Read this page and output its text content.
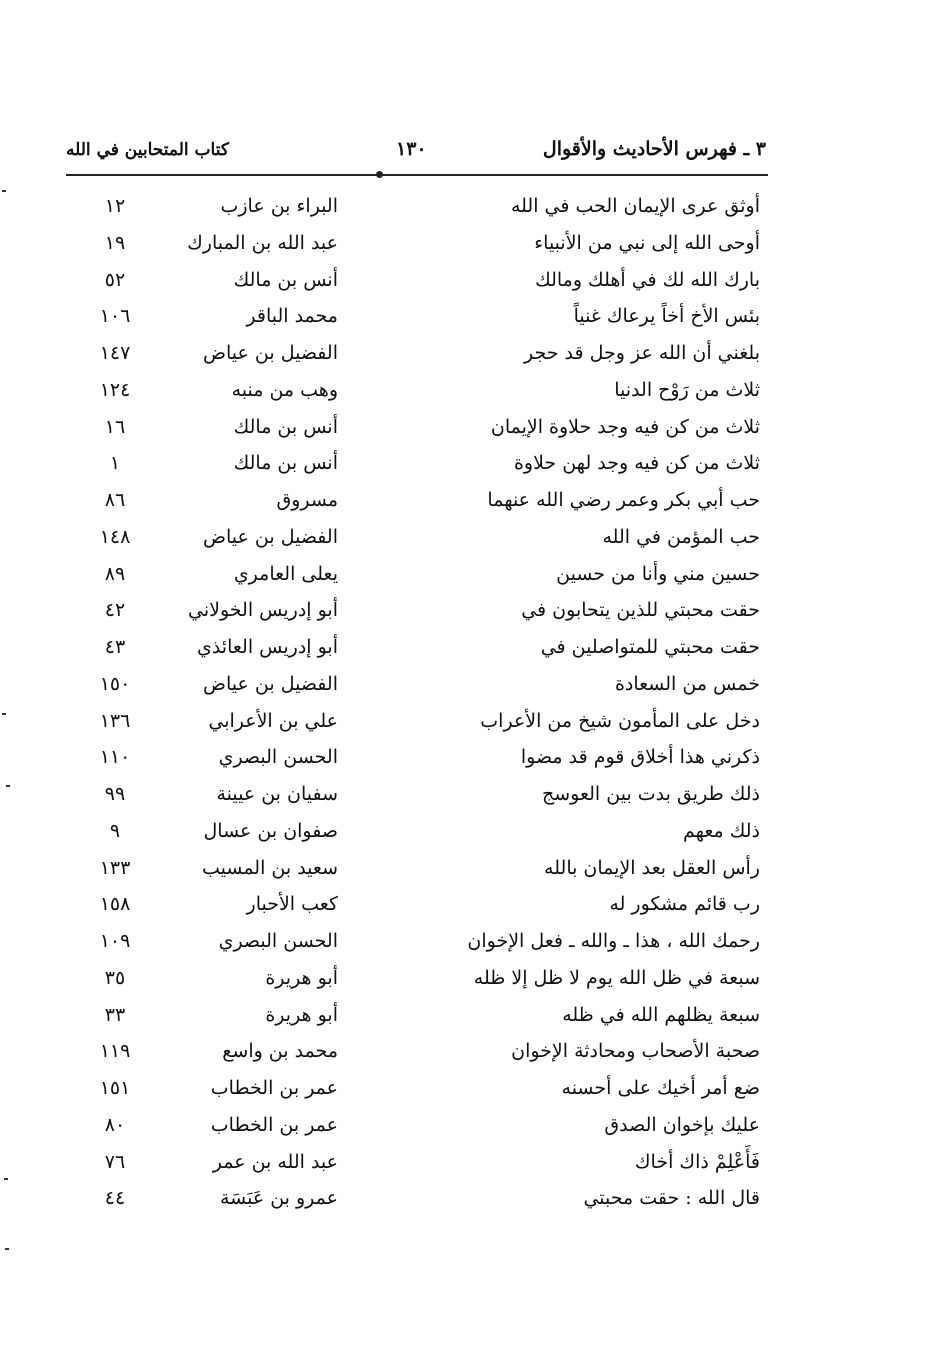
٣ ـ فهرس الأحاديث والأقوال
١٣٠
كتاب المتحابين في الله
أوثق عرى الإيمان الحب في الله
البراء بن عازب
١٢
أوحى الله إلى نبي من الأنبياء
عبد الله بن المبارك
١٩
بارك الله لك في أهلك ومالك
أنس بن مالك
٥٢
بئس الأخ أخاً يرعاك غنياً
محمد الباقر
١٠٦
بلغني أن الله عز وجل قد حجر
الفضيل بن عياض
١٤٧
ثلاث من رَوْح الدنيا
وهب من منبه
١٢٤
ثلاث من كن فيه وجد حلاوة الإيمان
أنس بن مالك
١٦
ثلاث من كن فيه وجد لهن حلاوة
أنس بن مالك
١
حب أبي بكر وعمر رضي الله عنهما
مسروق
٨٦
حب المؤمن في الله
الفضيل بن عياض
١٤٨
حسين مني وأنا من حسين
يعلى العامري
٨٩
حقت محبتي للذين يتحابون في
أبو إدريس الخولاني
٤٢
حقت محبتي للمتواصلين في
أبو إدريس العائذي
٤٣
خمس من السعادة
الفضيل بن عياض
١٥٠
دخل على المأمون شيخ من الأعراب
علي بن الأعرابي
١٣٦
ذكرني هذا أخلاق قوم قد مضوا
الحسن البصري
١١٠
ذلك طريق بدت بين العوسج
سفيان بن عيينة
٩٩
ذلك معهم
صفوان بن عسال
٩
رأس العقل بعد الإيمان بالله
سعيد بن المسيب
١٣٣
رب قائم مشكور له
كعب الأحبار
١٥٨
رحمك الله ، هذا ـ والله ـ فعل الإخوان
الحسن البصري
١٠٩
سبعة في ظل الله يوم لا ظل إلا ظله
أبو هريرة
٣٥
سبعة يظلهم الله في ظله
أبو هريرة
٣٣
صحبة الأصحاب ومحادثة الإخوان
محمد بن واسع
١١٩
ضع أمر أخيك على أحسنه
عمر بن الخطاب
١٥١
عليك بإخوان الصدق
عمر بن الخطاب
٨٠
فَأَعْلِمْ ذاك أخاك
عبد الله بن عمر
٧٦
قال الله : حقت محبتي
عمرو بن عَبَسَة
٤٤
